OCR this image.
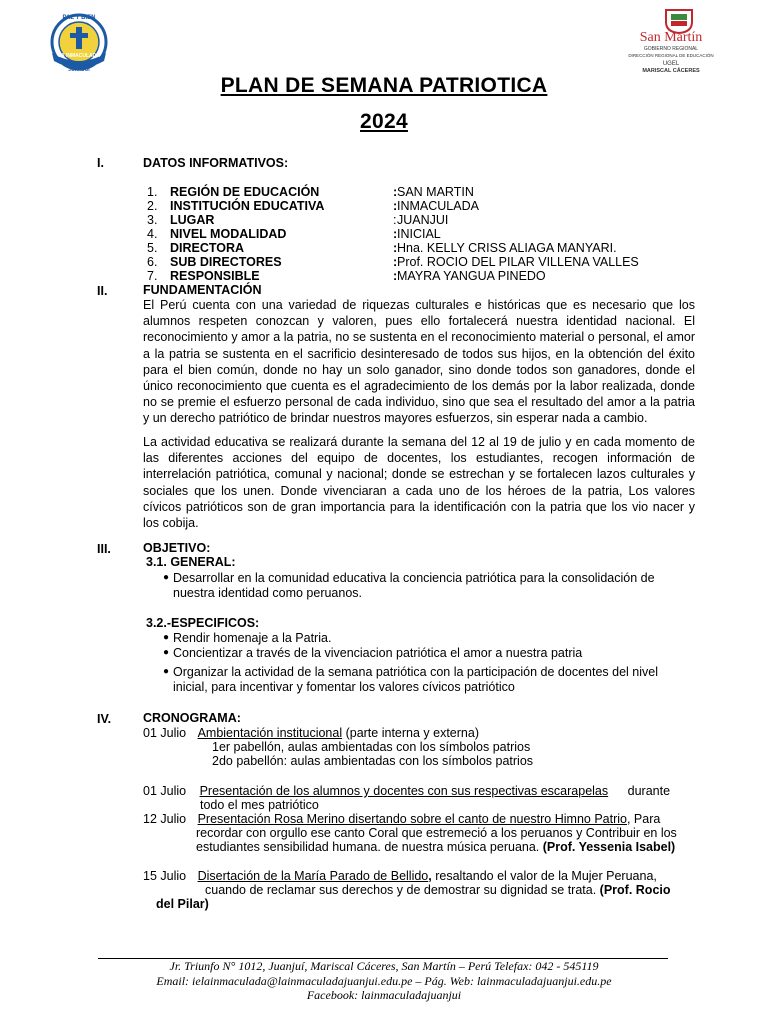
LA INMACULADA
PAZ Y BIEN
JUANJUI
San Martín
GOBIERNO REGIONAL
DIRECCIÓN REGIONAL DE EDUCACIÓN
UGEL
MARISCAL CÁCERES
PLAN DE SEMANA PATRIOTICA
2024
I.	DATOS INFORMATIVOS:
1. REGIÓN DE EDUCACIÓN	: SAN MARTIN
2. INSTITUCIÓN EDUCATIVA	: INMACULADA
3. LUGAR	: JUANJUI
4. NIVEL MODALIDAD	: INICIAL
5. DIRECTORA	: Hna. KELLY CRISS ALIAGA MANYARI.
6. SUB DIRECTORES	: Prof. ROCIO DEL PILAR VILLENA VALLES
7. RESPONSIBLE	: MAYRA YANGUA PINEDO
II.	FUNDAMENTACIÓN
El Perú cuenta con una variedad de riquezas culturales e históricas que es necesario que los alumnos respeten conozcan y valoren, pues ello fortalecerá nuestra identidad nacional. El reconocimiento y amor a la patria, no se sustenta en el reconocimiento material o personal, el amor a la patria se sustenta en el sacrificio desinteresado de todos sus hijos, en la obtención del éxito para el bien común, donde no hay un solo ganador, sino donde todos son ganadores, donde el único reconocimiento que cuenta es el agradecimiento de los demás por la labor realizada, donde no se premie el esfuerzo personal de cada individuo, sino que sea el resultado del amor a la patria y un derecho patriótico de brindar nuestros mayores esfuerzos, sin esperar nada a cambio.
La actividad educativa se realizará durante la semana del 12 al 19 de julio y en cada momento de las diferentes acciones del equipo de docentes, los estudiantes, recogen información de interrelación patriótica, comunal y nacional; donde se estrechan y se fortalecen lazos culturales y sociales que los unen. Donde vivenciaran a cada uno de los héroes de la patria, Los valores cívicos patrióticos son de gran importancia para la identificación con la patria que los vio nacer y los cobija.
III.	OBJETIVO:
3.1. GENERAL:
● Desarrollar en la comunidad educativa la conciencia patriótica para la consolidación de nuestra identidad como peruanos.
3.2.-ESPECIFICOS:
● Rendir homenaje a la Patria.
● Concientizar a través de la vivenciacion patriótica el amor a nuestra patria
● Organizar la actividad de la semana patriótica con la participación de docentes del nivel inicial, para incentivar y fomentar los valores cívicos patriótico
IV.	CRONOGRAMA:
01 Julio Ambientación institucional (parte interna y externa)
1er pabellón, aulas ambientadas con los símbolos patrios
2do pabellón: aulas ambientadas con los símbolos patrios
01 Julio Presentación de los alumnos y docentes con sus respectivas escarapelas durante
todo el mes patriótico
12 Julio Presentación Rosa Merino disertando sobre el canto de nuestro Himno Patrio, Para
recordar con orgullo ese canto Coral que estremeció a los peruanos y Contribuir en los
estudiantes sensibilidad humana. de nuestra música peruana. (Prof. Yessenia Isabel)
15 Julio Disertación de la María Parado de Bellido, resaltando el valor de la Mujer Peruana,
cuando de reclamar sus derechos y de demostrar su dignidad se trata. (Prof. Rocio
del Pilar)
Jr. Triunfo N° 1012, Juanjuí, Mariscal Cáceres, San Martín – Perú Telefax: 042 - 545119
Email: ielainmaculada@lainmaculadajuanjui.edu.pe – Pág. Web: lainmaculadajuanjui.edu.pe
Facebook: lainmaculadajuanjui
